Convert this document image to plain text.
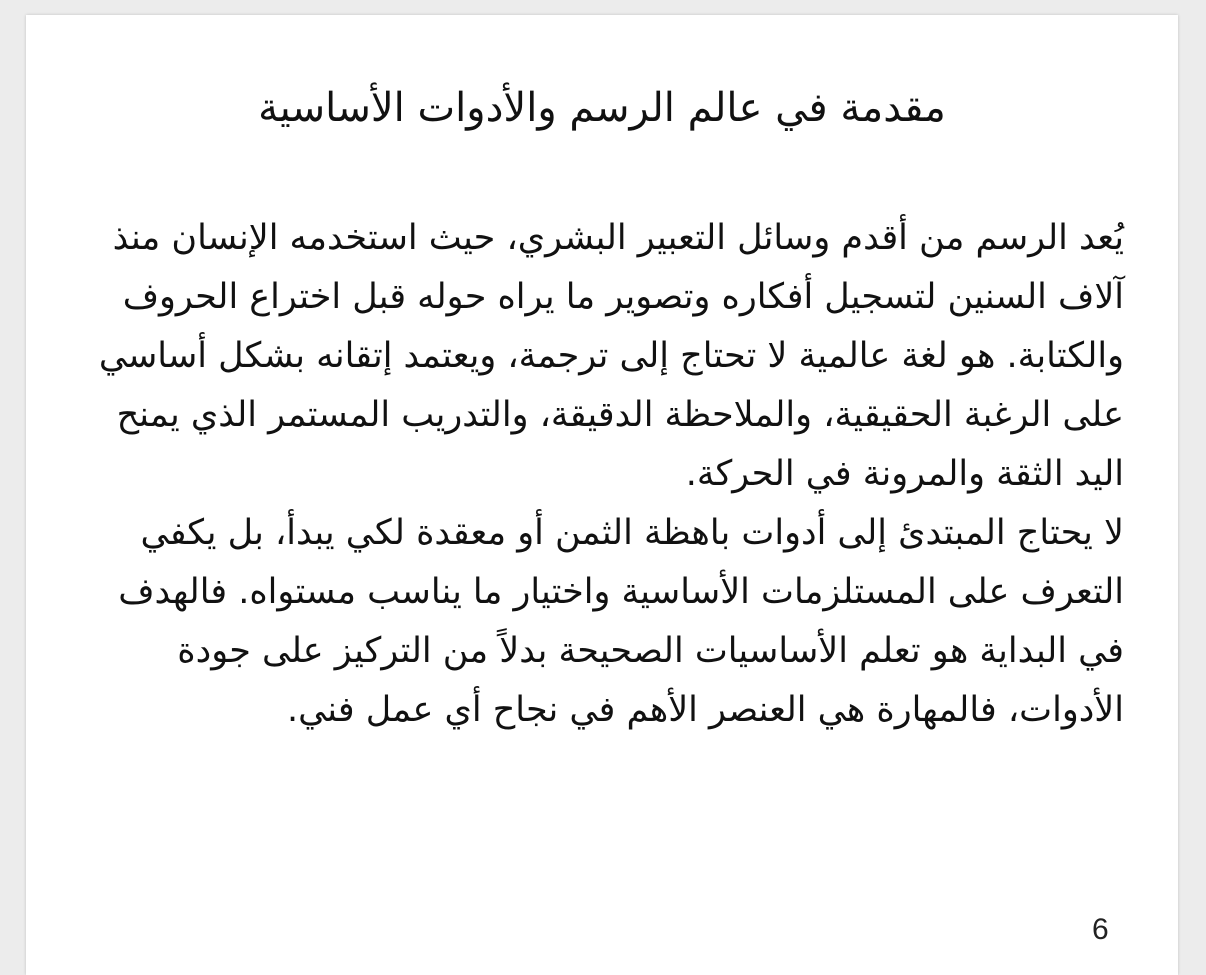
مقدمة في عالم الرسم والأدوات الأساسية

يُعد الرسم من أقدم وسائل التعبير البشري، حيث استخدمه الإنسان منذ آلاف السنين لتسجيل أفكاره وتصوير ما يراه حوله قبل اختراع الحروف والكتابة. هو لغة عالمية لا تحتاج إلى ترجمة، ويعتمد إتقانه بشكل أساسي على الرغبة الحقيقية، والملاحظة الدقيقة، والتدريب المستمر الذي يمنح اليد الثقة والمرونة في الحركة.

لا يحتاج المبتدئ إلى أدوات باهظة الثمن أو معقدة لكي يبدأ، بل يكفي التعرف على المستلزمات الأساسية واختيار ما يناسب مستواه. فالهدف في البداية هو تعلم الأساسيات الصحيحة بدلاً من التركيز على جودة الأدوات، فالمهارة هي العنصر الأهم في نجاح أي عمل فني.

6
